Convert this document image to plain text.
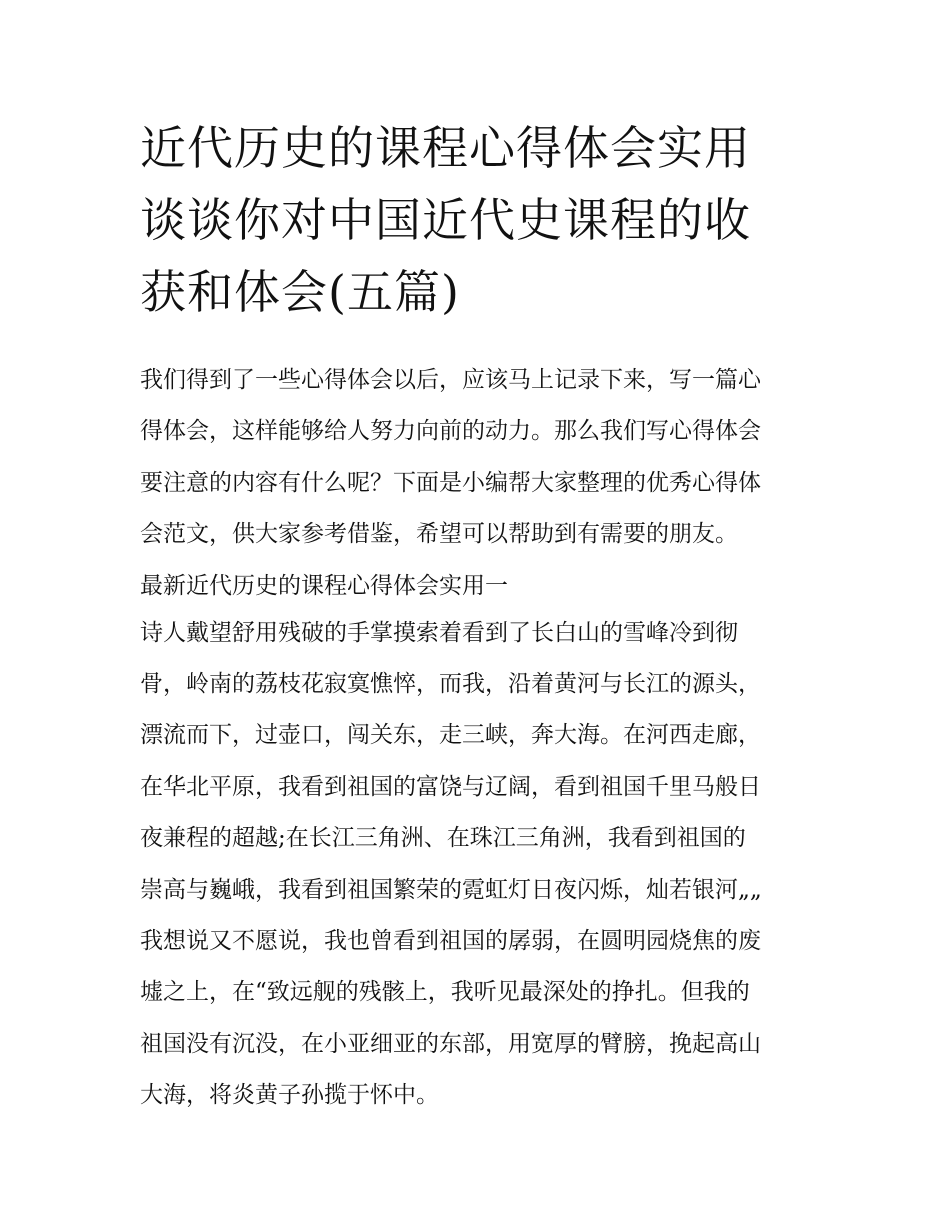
近代历史的课程心得体会实用
谈谈你对中国近代史课程的收
获和体会(五篇)
我们得到了一些心得体会以后，应该马上记录下来，写一篇心
得体会，这样能够给人努力向前的动力。那么我们写心得体会
要注意的内容有什么呢？下面是小编帮大家整理的优秀心得体
会范文，供大家参考借鉴，希望可以帮助到有需要的朋友。
最新近代历史的课程心得体会实用一
诗人戴望舒用残破的手掌摸索着看到了长白山的雪峰冷到彻
骨，岭南的荔枝花寂寞憔悴，而我，沿着黄河与长江的源头，
漂流而下，过壶口，闯关东，走三峡，奔大海。在河西走廊，
在华北平原，我看到祖国的富饶与辽阔，看到祖国千里马般日
夜兼程的超越;在长江三角洲、在珠江三角洲，我看到祖国的
崇高与巍峨，我看到祖国繁荣的霓虹灯日夜闪烁，灿若银河„„
我想说又不愿说，我也曾看到祖国的孱弱，在圆明园烧焦的废
墟之上，在“致远舰的残骸上，我听见最深处的挣扎。但我的
祖国没有沉没，在小亚细亚的东部，用宽厚的臂膀，挽起高山
大海，将炎黄子孙揽于怀中。
